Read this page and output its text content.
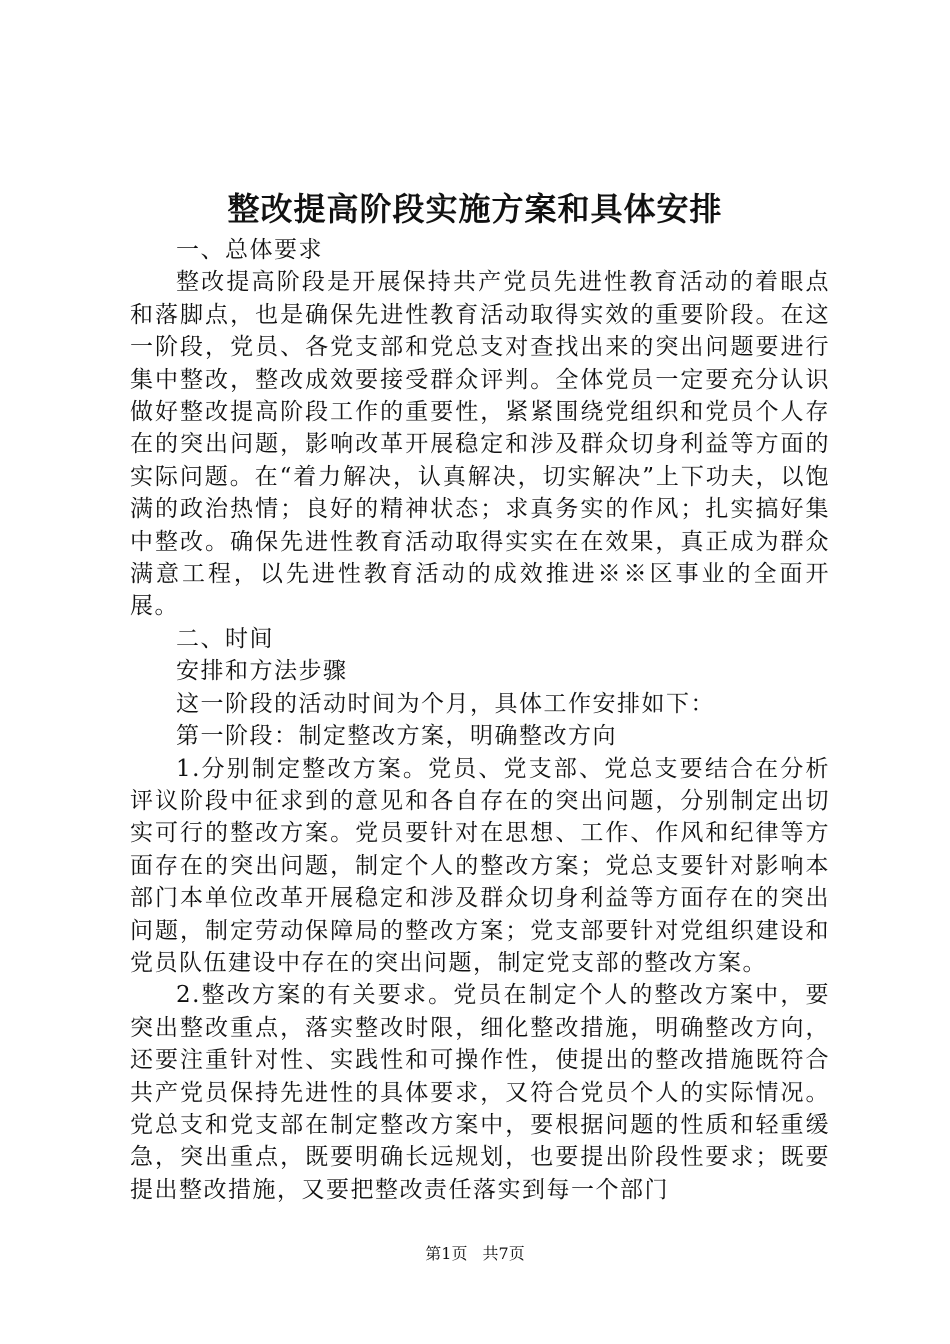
整改提高阶段实施方案和具体安排

一、总体要求

整改提高阶段是开展保持共产党员先进性教育活动的着眼点和落脚点，也是确保先进性教育活动取得实效的重要阶段。在这一阶段，党员、各党支部和党总支对查找出来的突出问题要进行集中整改，整改成效要接受群众评判。全体党员一定要充分认识做好整改提高阶段工作的重要性，紧紧围绕党组织和党员个人存在的突出问题，影响改革开展稳定和涉及群众切身利益等方面的实际问题。在“着力解决，认真解决，切实解决”上下功夫，以饱满的政治热情；良好的精神状态；求真务实的作风；扎实搞好集中整改。确保先进性教育活动取得实实在在效果，真正成为群众满意工程，以先进性教育活动的成效推进※※区事业的全面开展。

二、时间

安排和方法步骤

这一阶段的活动时间为个月，具体工作安排如下：

第一阶段：制定整改方案，明确整改方向

1.分别制定整改方案。党员、党支部、党总支要结合在分析评议阶段中征求到的意见和各自存在的突出问题，分别制定出切实可行的整改方案。党员要针对在思想、工作、作风和纪律等方面存在的突出问题，制定个人的整改方案；党总支要针对影响本部门本单位改革开展稳定和涉及群众切身利益等方面存在的突出问题，制定劳动保障局的整改方案；党支部要针对党组织建设和党员队伍建设中存在的突出问题，制定党支部的整改方案。

2.整改方案的有关要求。党员在制定个人的整改方案中，要突出整改重点，落实整改时限，细化整改措施，明确整改方向，还要注重针对性、实践性和可操作性，使提出的整改措施既符合共产党员保持先进性的具体要求，又符合党员个人的实际情况。党总支和党支部在制定整改方案中，要根据问题的性质和轻重缓急，突出重点，既要明确长远规划，也要提出阶段性要求；既要提出整改措施，又要把整改责任落实到每一个部门

第1页 共7页
